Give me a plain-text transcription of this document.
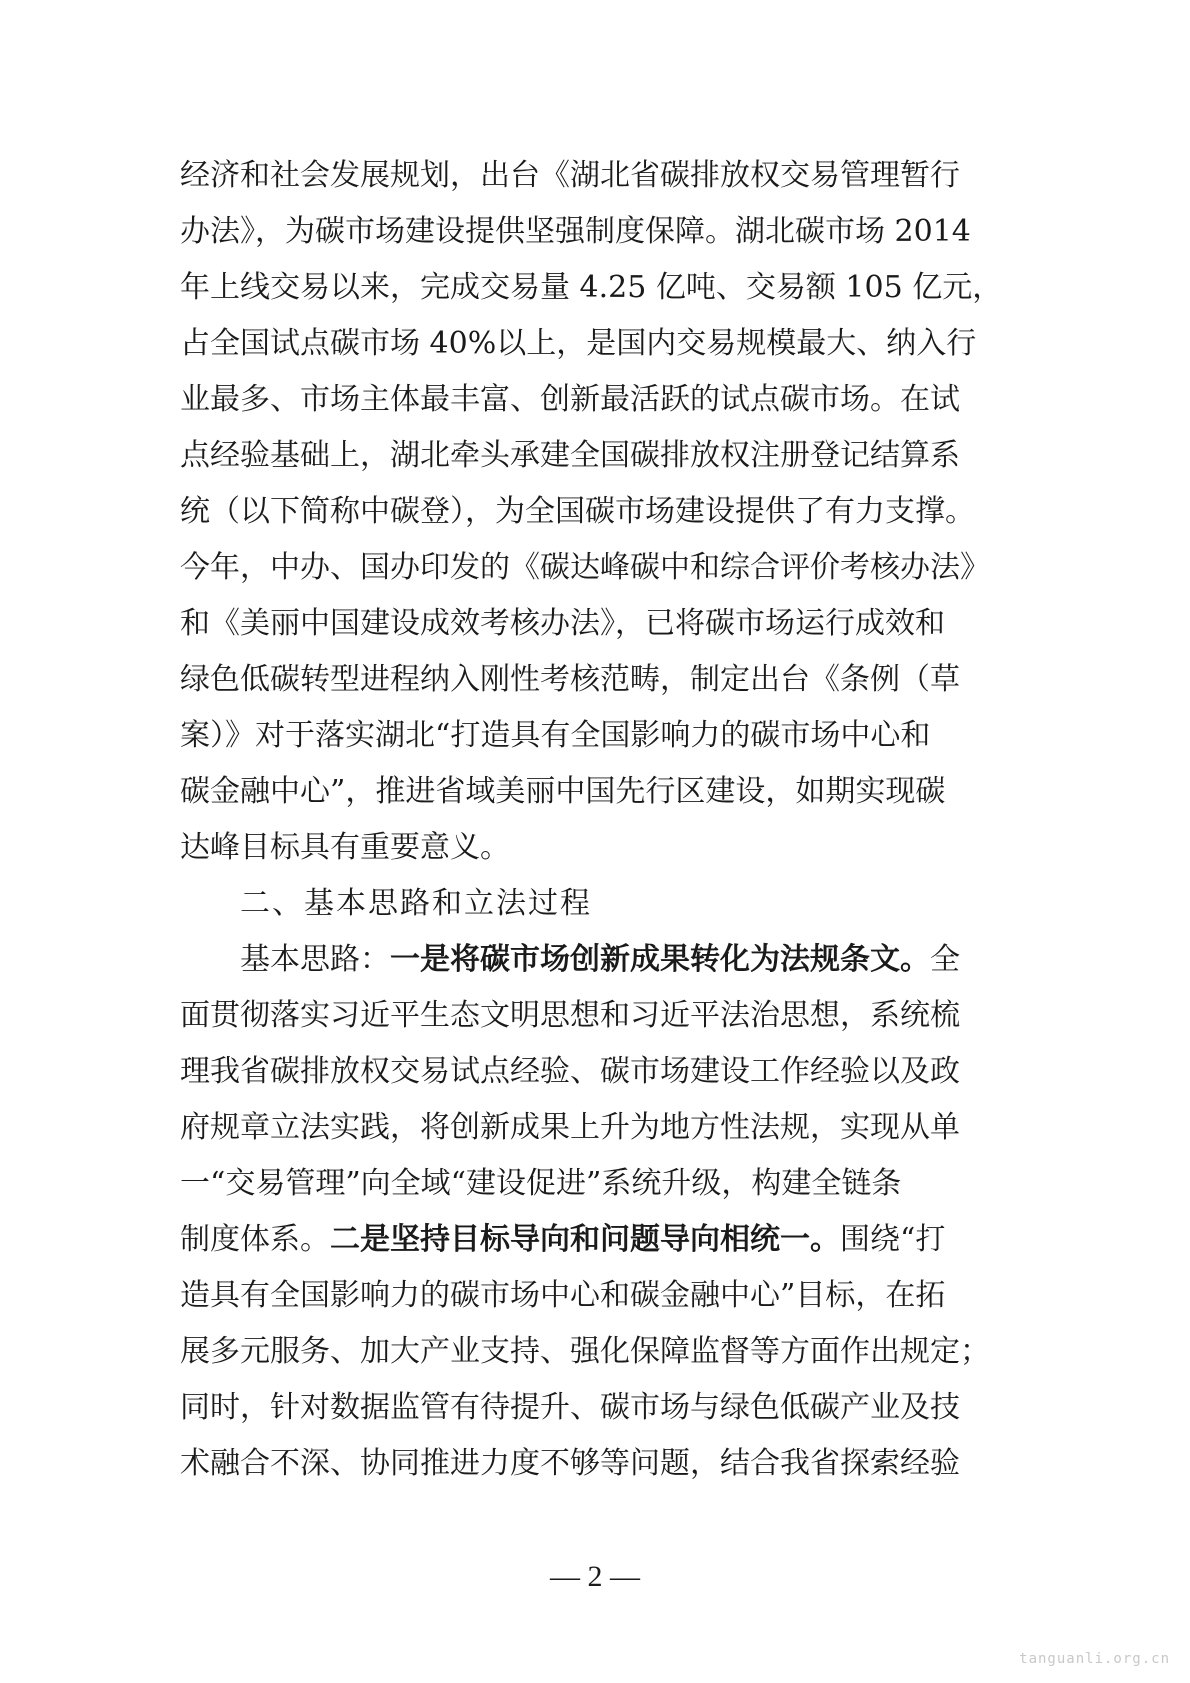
经济和社会发展规划，出台《湖北省碳排放权交易管理暂行
办法》，为碳市场建设提供坚强制度保障。湖北碳市场 2014
年上线交易以来，完成交易量 4.25 亿吨、交易额 105 亿元，
占全国试点碳市场 40%以上，是国内交易规模最大、纳入行
业最多、市场主体最丰富、创新最活跃的试点碳市场。在试
点经验基础上，湖北牵头承建全国碳排放权注册登记结算系
统（以下简称中碳登），为全国碳市场建设提供了有力支撑。
今年，中办、国办印发的《碳达峰碳中和综合评价考核办法》
和《美丽中国建设成效考核办法》，已将碳市场运行成效和
绿色低碳转型进程纳入刚性考核范畴，制定出台《条例（草
案）》对于落实湖北“打造具有全国影响力的碳市场中心和
碳金融中心”，推进省域美丽中国先行区建设，如期实现碳
达峰目标具有重要意义。
二、基本思路和立法过程
基本思路：一是将碳市场创新成果转化为法规条文。全
面贯彻落实习近平生态文明思想和习近平法治思想，系统梳
理我省碳排放权交易试点经验、碳市场建设工作经验以及政
府规章立法实践，将创新成果上升为地方性法规，实现从单
一“交易管理”向全域“建设促进”系统升级，构建全链条
制度体系。二是坚持目标导向和问题导向相统一。围绕“打
造具有全国影响力的碳市场中心和碳金融中心”目标，在拓
展多元服务、加大产业支持、强化保障监督等方面作出规定；
同时，针对数据监管有待提升、碳市场与绿色低碳产业及技
术融合不深、协同推进力度不够等问题，结合我省探索经验
— 2 —
tanguanli.org.cn
